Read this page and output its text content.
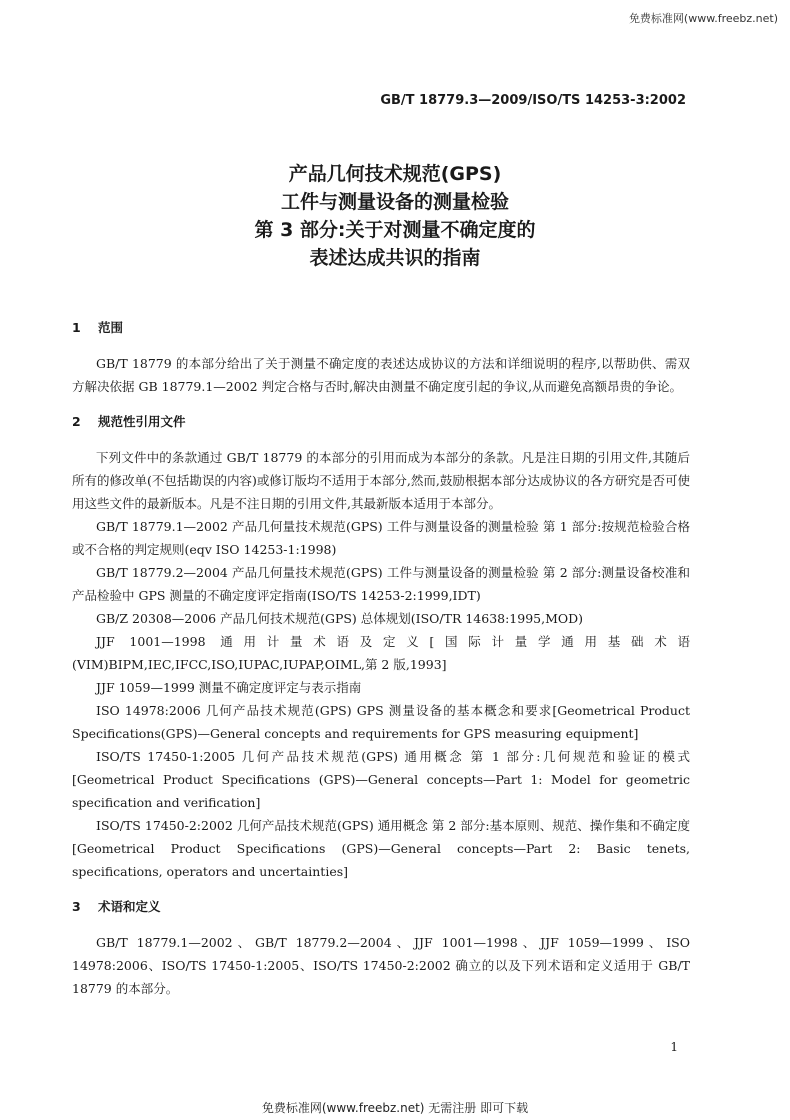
免费标准网(www.freebz.net)
GB/T 18779.3—2009/ISO/TS 14253-3:2002
产品几何技术规范(GPS)
工件与测量设备的测量检验
第 3 部分:关于对测量不确定度的
表述达成共识的指南
1 范围

GB/T 18779 的本部分给出了关于测量不确定度的表述达成协议的方法和详细说明的程序,以帮助供、需双方解决依据 GB 18779.1—2002 判定合格与否时,解决由测量不确定度引起的争议,从而避免高额昂贵的争论。

2 规范性引用文件

下列文件中的条款通过 GB/T 18779 的本部分的引用而成为本部分的条款。凡是注日期的引用文件,其随后所有的修改单(不包括勘误的内容)或修订版均不适用于本部分,然而,鼓励根据本部分达成协议的各方研究是否可使用这些文件的最新版本。凡是不注日期的引用文件,其最新版本适用于本部分。

GB/T 18779.1—2002 产品几何量技术规范(GPS) 工件与测量设备的测量检验 第 1 部分:按规范检验合格或不合格的判定规则(eqv ISO 14253-1:1998)

GB/T 18779.2—2004 产品几何量技术规范(GPS) 工件与测量设备的测量检验 第 2 部分:测量设备校准和产品检验中 GPS 测量的不确定度评定指南(ISO/TS 14253-2:1999,IDT)

GB/Z 20308—2006 产品几何技术规范(GPS) 总体规划(ISO/TR 14638:1995,MOD)

JJF 1001—1998 通用计量术语及定义[国际计量学通用基础术语(VIM)BIPM,IEC,IFCC,ISO,IUPAC,IUPAP,OIML,第 2 版,1993]

JJF 1059—1999 测量不确定度评定与表示指南

ISO 14978:2006 几何产品技术规范(GPS) GPS 测量设备的基本概念和要求[Geometrical Product Specifications(GPS)—General concepts and requirements for GPS measuring equipment]

ISO/TS 17450-1:2005 几何产品技术规范(GPS) 通用概念 第 1 部分:几何规范和验证的模式[Geometrical Product Specifications (GPS)—General concepts—Part 1: Model for geometric specification and verification]

ISO/TS 17450-2:2002 几何产品技术规范(GPS) 通用概念 第 2 部分:基本原则、规范、操作集和不确定度[Geometrical Product Specifications (GPS)—General concepts—Part 2: Basic tenets, specifications, operators and uncertainties]

3 术语和定义

GB/T 18779.1—2002、GB/T 18779.2—2004、JJF 1001—1998、JJF 1059—1999、ISO 14978:2006、ISO/TS 17450-1:2005、ISO/TS 17450-2:2002 确立的以及下列术语和定义适用于 GB/T 18779 的本部分。

1
免费标准网(www.freebz.net) 无需注册 即可下载
